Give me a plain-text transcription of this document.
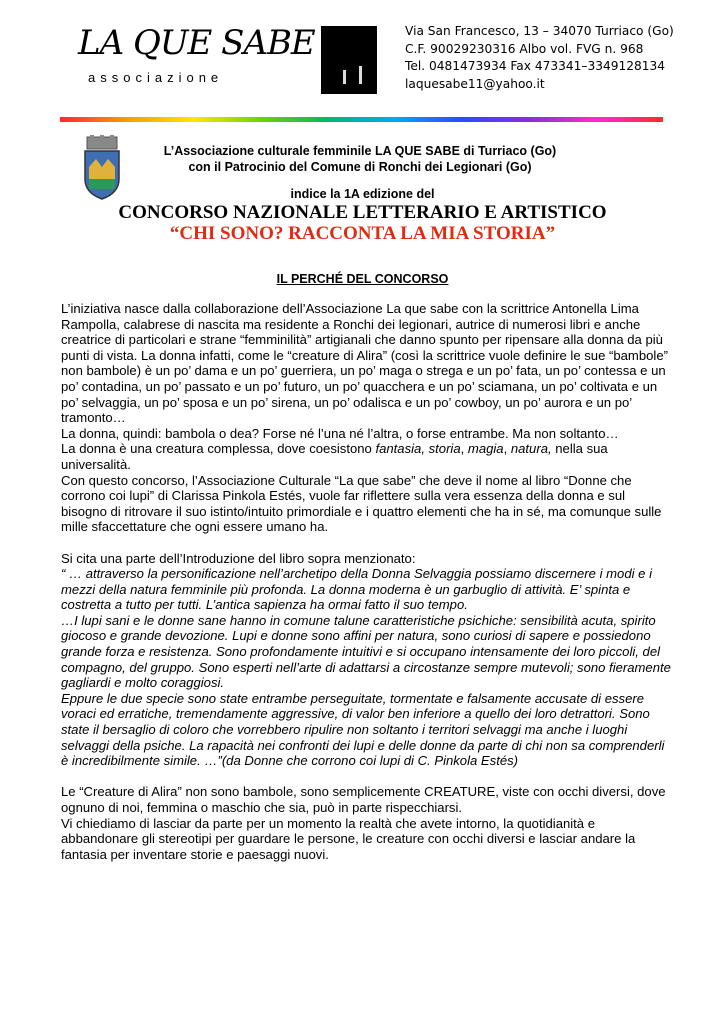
LA QUE SABE
associazione
Via San Francesco, 13 – 34070 Turriaco (Go)
C.F. 90029230316 Albo vol. FVG n. 968
Tel. 0481473934 Fax 473341–3349128134
laquesabe11@yahoo.it
L’Associazione culturale femminile LA QUE SABE di Turriaco (Go)
con il Patrocinio del Comune di Ronchi dei Legionari (Go)
indice la 1A edizione del
CONCORSO NAZIONALE LETTERARIO E ARTISTICO
“CHI SONO? RACCONTA LA MIA STORIA”
IL PERCHÉ DEL CONCORSO

L’iniziativa nasce dalla collaborazione dell’Associazione La que sabe con la scrittrice Antonella Lima Rampolla, calabrese di nascita ma residente a Ronchi dei legionari, autrice di numerosi libri e anche creatrice di particolari e strane “femminilità” artigianali che danno spunto per ripensare alla donna da più punti di vista. La donna infatti, come le “creature di Alira” (così la scrittrice vuole definire le sue “bambole” non bambole) è un po’ dama e un po’ guerriera, un po’ maga o strega e un po’ fata, un po’ contessa e un po’ contadina, un po’ passato e un po’ futuro, un po’ quacchera e un po’ sciamana, un po’ coltivata e un po’ selvaggia, un po’ sposa e un po’ sirena, un po’ odalisca e un po’ cowboy, un po’ aurora e un po’ tramonto…

La donna, quindi: bambola o dea? Forse né l’una né l’altra, o forse entrambe. Ma non soltanto…

La donna è una creatura complessa, dove coesistono fantasia, storia, magia, natura, nella sua universalità.

Con questo concorso, l’Associazione Culturale “La que sabe” che deve il nome al libro “Donne che corrono coi lupi” di Clarissa Pinkola Estés, vuole far riflettere sulla vera essenza della donna e sul bisogno di ritrovare il suo istinto/intuito primordiale e i quattro elementi che ha in sé, ma comunque sulle mille sfaccettature che ogni essere umano ha.

Si cita una parte dell’Introduzione del libro sopra menzionato:

“ … attraverso la personificazione nell’archetipo della Donna Selvaggia possiamo discernere i modi e i mezzi della natura femminile più profonda. La donna moderna è un garbuglio di attività. E’ spinta e costretta a tutto per tutti. L’antica sapienza ha ormai fatto il suo tempo.

…I lupi sani e le donne sane hanno in comune talune caratteristiche psichiche: sensibilità acuta, spirito giocoso e grande devozione. Lupi e donne sono affini per natura, sono curiosi di sapere e possiedono grande forza e resistenza. Sono profondamente intuitivi e si occupano intensamente dei loro piccoli, del compagno, del gruppo. Sono esperti nell’arte di adattarsi a circostanze sempre mutevoli; sono fieramente gagliardi e molto coraggiosi.

Eppure le due specie sono state entrambe perseguitate, tormentate e falsamente accusate di essere voraci ed erratiche, tremendamente aggressive, di valor ben inferiore a quello dei loro detrattori. Sono state il bersaglio di coloro che vorrebbero ripulire non soltanto i territori selvaggi ma anche i luoghi selvaggi della psiche. La rapacità nei confronti dei lupi e delle donne da parte di chi non sa comprenderli è incredibilmente simile. …”(da Donne che corrono coi lupi di C. Pinkola Estés)

Le “Creature di Alira” non sono bambole, sono semplicemente CREATURE, viste con occhi diversi, dove ognuno di noi, femmina o maschio che sia, può in parte rispecchiarsi.

Vi chiediamo di lasciar da parte per un momento la realtà che avete intorno, la quotidianità e abbandonare gli stereotipi per guardare le persone, le creature con occhi diversi e lasciar andare la fantasia per inventare storie e paesaggi nuovi.
